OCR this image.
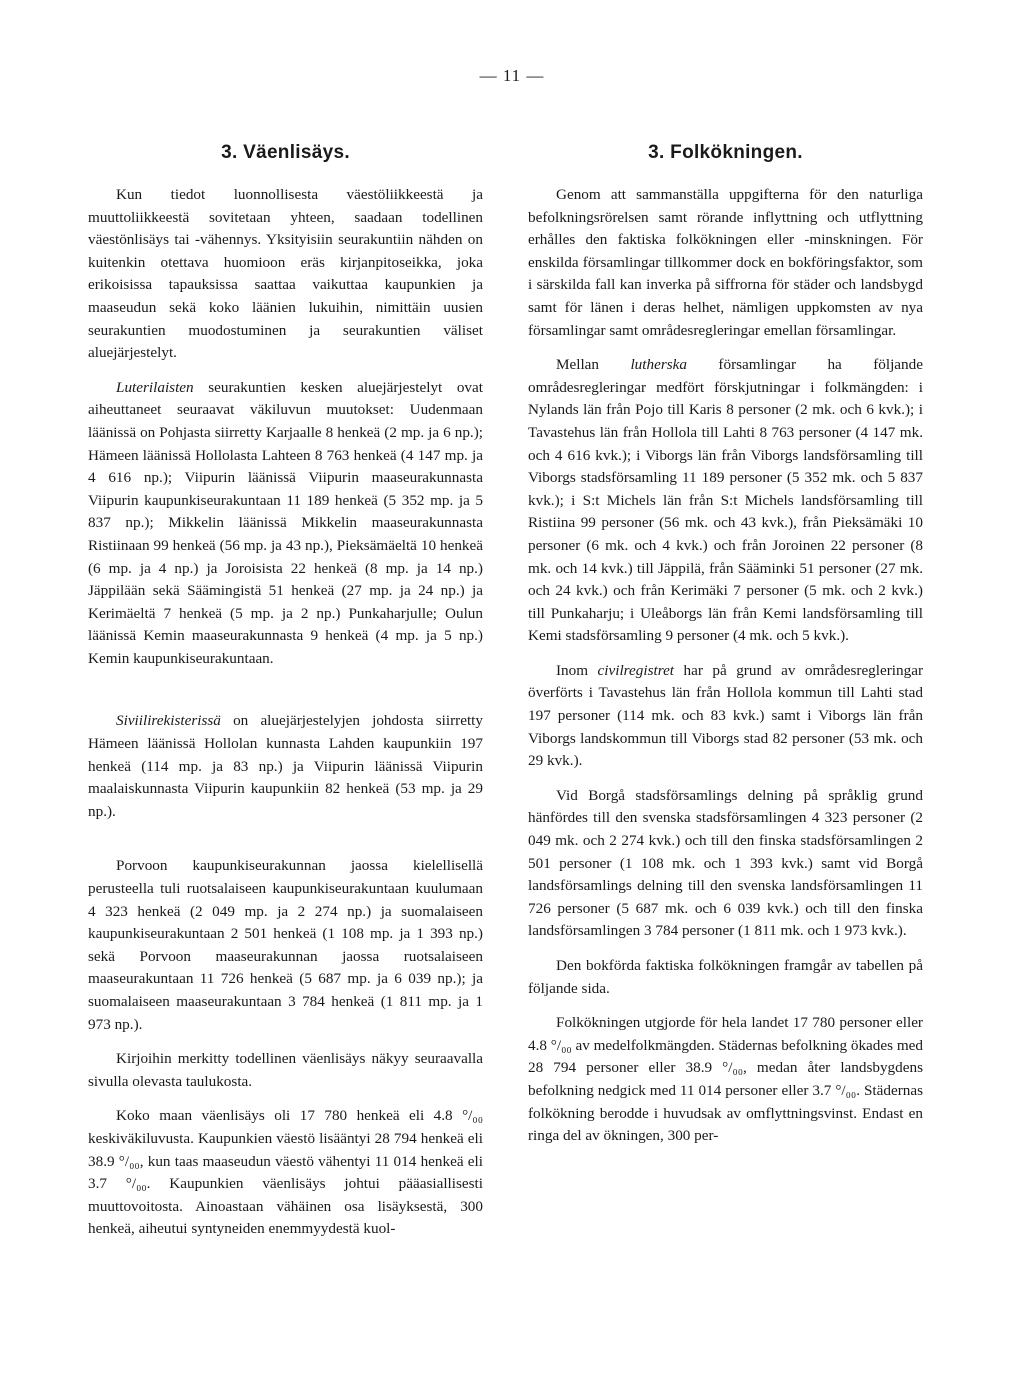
— 11 —
3. Väenlisäys.

Kun tiedot luonnollisesta väestöliikkeestä ja muuttoliikkeestä sovitetaan yhteen, saadaan todellinen väestönlisäys tai -vähennys. Yksityisiin seurakuntiin nähden on kuitenkin otettava huomioon eräs kirjanpitoseikka, joka erikoisissa tapauksissa saattaa vaikuttaa kaupunkien ja maaseudun sekä koko läänien lukuihin, nimittäin uusien seurakuntien muodostuminen ja seurakuntien väliset aluejärjestelyt.

Luterilaisten seurakuntien kesken aluejärjestelyt ovat aiheuttaneet seuraavat väkiluvun muutokset: Uudenmaan läänissä on Pohjasta siirretty Karjaalle 8 henkeä (2 mp. ja 6 np.); Hämeen läänissä Hollolasta Lahteen 8 763 henkeä (4 147 mp. ja 4 616 np.); Viipurin läänissä Viipurin maaseurakunnasta Viipurin kaupunkiseurakuntaan 11 189 henkeä (5 352 mp. ja 5 837 np.); Mikkelin läänissä Mikkelin maaseurakunnasta Ristiinaan 99 henkeä (56 mp. ja 43 np.), Pieksämäeltä 10 henkeä (6 mp. ja 4 np.) ja Joroisista 22 henkeä (8 mp. ja 14 np.) Jäppilään sekä Säämingistä 51 henkeä (27 mp. ja 24 np.) ja Kerimäeltä 7 henkeä (5 mp. ja 2 np.) Punkaharjulle; Oulun läänissä Kemin maaseurakunnasta 9 henkeä (4 mp. ja 5 np.) Kemin kaupunkiseurakuntaan.

Siviilirekisterissä on aluejärjestelyjen johdosta siirretty Hämeen läänissä Hollolan kunnasta Lahden kaupunkiin 197 henkeä (114 mp. ja 83 np.) ja Viipurin läänissä Viipurin maalaiskunnasta Viipurin kaupunkiin 82 henkeä (53 mp. ja 29 np.).

Porvoon kaupunkiseurakunnan jaossa kielellisellä perusteella tuli ruotsalaiseen kaupunkiseurakuntaan kuulumaan 4 323 henkeä (2 049 mp. ja 2 274 np.) ja suomalaiseen kaupunkiseurakuntaan 2 501 henkeä (1 108 mp. ja 1 393 np.) sekä Porvoon maaseurakunnan jaossa ruotsalaiseen maaseurakuntaan 11 726 henkeä (5 687 mp. ja 6 039 np.); ja suomalaiseen maaseurakuntaan 3 784 henkeä (1 811 mp. ja 1 973 np.).

Kirjoihin merkitty todellinen väenlisäys näkyy seuraavalla sivulla olevasta taulukosta.

Koko maan väenlisäys oli 17 780 henkeä eli 4.8 °/₀₀ keskiväkiluvusta. Kaupunkien väestö lisääntyi 28 794 henkeä eli 38.9 °/₀₀, kun taas maaseudun väestö vähentyi 11 014 henkeä eli 3.7 °/₀₀. Kaupunkien väenlisäys johtui pääasiallisesti muuttovoitosta. Ainoastaan vähäinen osa lisäyksestä, 300 henkeä, aiheutui syntyneiden enemmyydestä kuol-

3. Folkökningen.

Genom att sammanställa uppgifterna för den naturliga befolkningsrörelsen samt rörande inflyttning och utflyttning erhålles den faktiska folkökningen eller -minskningen. För enskilda församlingar tillkommer dock en bokföringsfaktor, som i särskilda fall kan inverka på siffrorna för städer och landsbygd samt för länen i deras helhet, nämligen uppkomsten av nya församlingar samt områdesregleringar emellan församlingar.

Mellan lutherska församlingar ha följande områdesregleringar medfört förskjutningar i folkmängden: i Nylands län från Pojo till Karis 8 personer (2 mk. och 6 kvk.); i Tavastehus län från Hollola till Lahti 8 763 personer (4 147 mk. och 4 616 kvk.); i Viborgs län från Viborgs landsförsamling till Viborgs stadsförsamling 11 189 personer (5 352 mk. och 5 837 kvk.); i S:t Michels län från S:t Michels landsförsamling till Ristiina 99 personer (56 mk. och 43 kvk.), från Pieksämäki 10 personer (6 mk. och 4 kvk.) och från Joroinen 22 personer (8 mk. och 14 kvk.) till Jäppilä, från Sääminki 51 personer (27 mk. och 24 kvk.) och från Kerimäki 7 personer (5 mk. och 2 kvk.) till Punkaharju; i Uleåborgs län från Kemi landsförsamling till Kemi stadsförsamling 9 personer (4 mk. och 5 kvk.).

Inom civilregistret har på grund av områdesregleringar överförts i Tavastehus län från Hollola kommun till Lahti stad 197 personer (114 mk. och 83 kvk.) samt i Viborgs län från Viborgs landskommun till Viborgs stad 82 personer (53 mk. och 29 kvk.).

Vid Borgå stadsförsamlings delning på språklig grund hänfördes till den svenska stadsförsamlingen 4 323 personer (2 049 mk. och 2 274 kvk.) och till den finska stadsförsamlingen 2 501 personer (1 108 mk. och 1 393 kvk.) samt vid Borgå landsförsamlings delning till den svenska landsförsamlingen 11 726 personer (5 687 mk. och 6 039 kvk.) och till den finska landsförsamlingen 3 784 personer (1 811 mk. och 1 973 kvk.).

Den bokförda faktiska folkökningen framgår av tabellen på följande sida.

Folkökningen utgjorde för hela landet 17 780 personer eller 4.8 °/₀₀ av medelfolkmängden. Städernas befolkning ökades med 28 794 personer eller 38.9 °/₀₀, medan åter landsbygdens befolkning nedgick med 11 014 personer eller 3.7 °/₀₀. Städernas folkökning berodde i huvudsak av omflyttningsvinst. Endast en ringa del av ökningen, 300 per-
